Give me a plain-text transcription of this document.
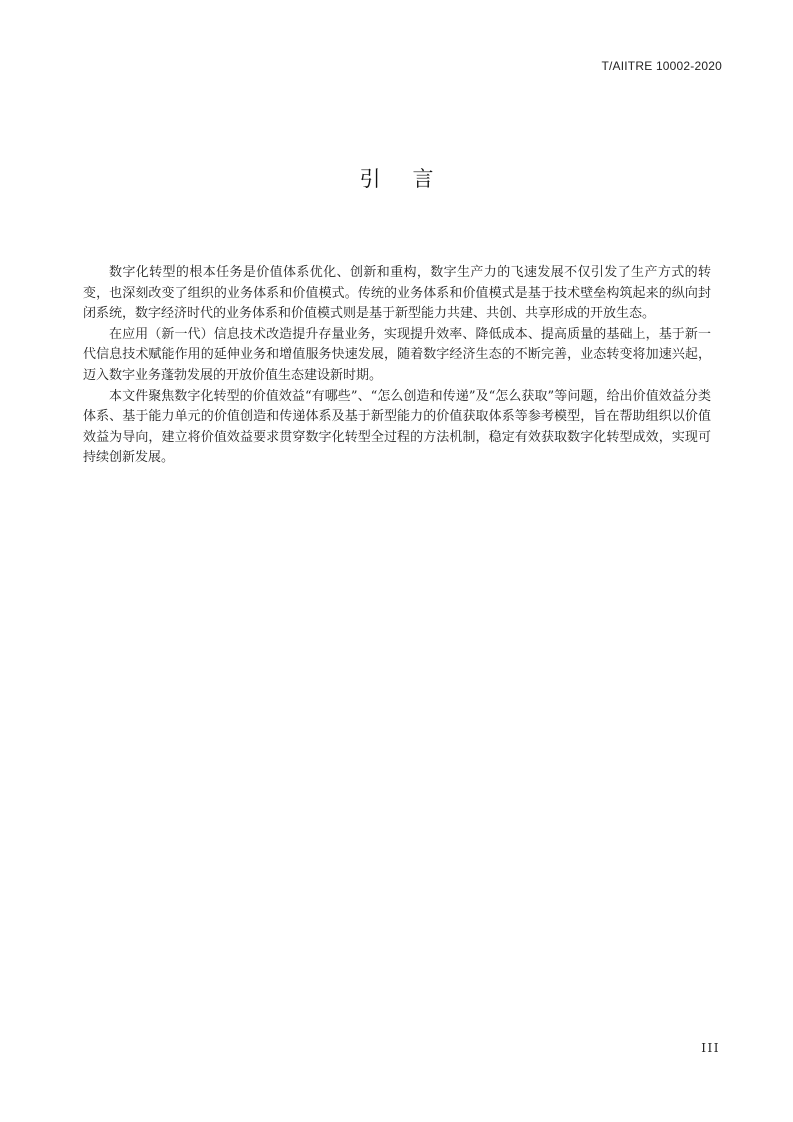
T/AIITRE 10002-2020
引言

数字化转型的根本任务是价值体系优化、创新和重构，数字生产力的飞速发展不仅引发了生产方式的转变，也深刻改变了组织的业务体系和价值模式。传统的业务体系和价值模式是基于技术壁垒构筑起来的纵向封闭系统，数字经济时代的业务体系和价值模式则是基于新型能力共建、共创、共享形成的开放生态。

在应用（新一代）信息技术改造提升存量业务，实现提升效率、降低成本、提高质量的基础上，基于新一代信息技术赋能作用的延伸业务和增值服务快速发展，随着数字经济生态的不断完善，业态转变将加速兴起，迈入数字业务蓬勃发展的开放价值生态建设新时期。

本文件聚焦数字化转型的价值效益“有哪些”、“怎么创造和传递”及“怎么获取”等问题，给出价值效益分类体系、基于能力单元的价值创造和传递体系及基于新型能力的价值获取体系等参考模型，旨在帮助组织以价值效益为导向，建立将价值效益要求贯穿数字化转型全过程的方法机制，稳定有效获取数字化转型成效，实现可持续创新发展。

III
